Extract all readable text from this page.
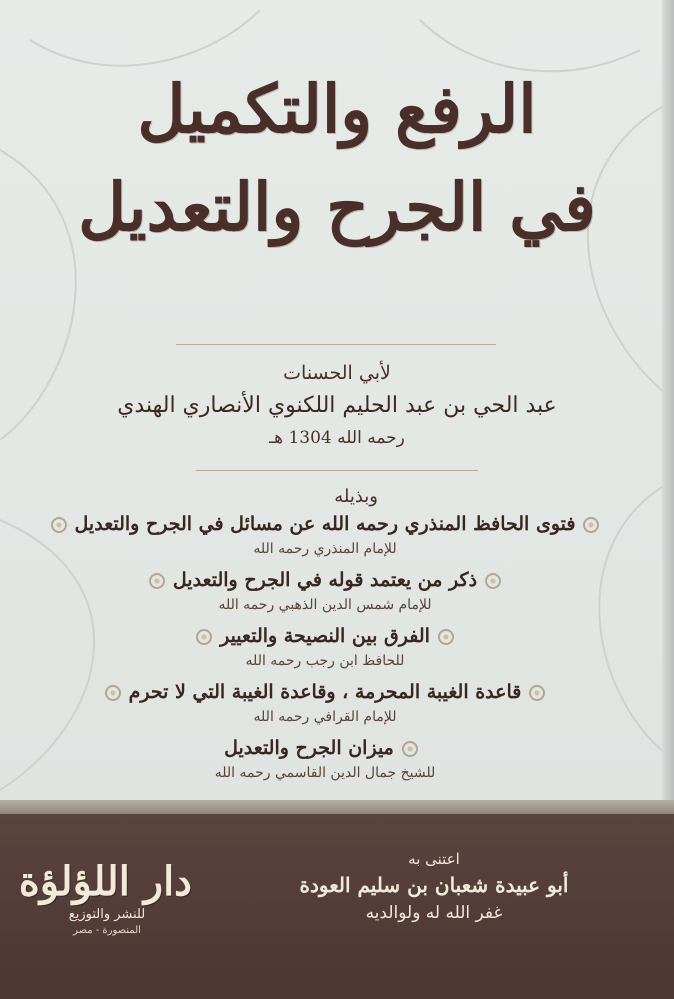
الرفع والتكميل
في الجرح والتعديل
لأبي الحسنات
عبد الحي بن عبد الحليم اللكنوي الأنصاري الهندي
رحمه الله 1304 هـ
وبذيله
فتوى الحافظ المنذري رحمه الله عن مسائل في الجرح والتعديل
للإمام المنذري رحمه الله
ذكر من يعتمد قوله في الجرح والتعديل
للإمام شمس الدين الذهبي رحمه الله
الفرق بين النصيحة والتعيير
للحافظ ابن رجب رحمه الله
قاعدة الغيبة المحرمة ، وقاعدة الغيبة التي لا تحرم
للإمام القرافي رحمه الله
ميزان الجرح والتعديل
للشيخ جمال الدين القاسمي رحمه الله
اعتنى به
أبو عبيدة شعبان بن سليم العودة
غفر الله له ولوالديه
دار اللؤلؤة
للنشر والتوزيع
المنصورة - مصر
